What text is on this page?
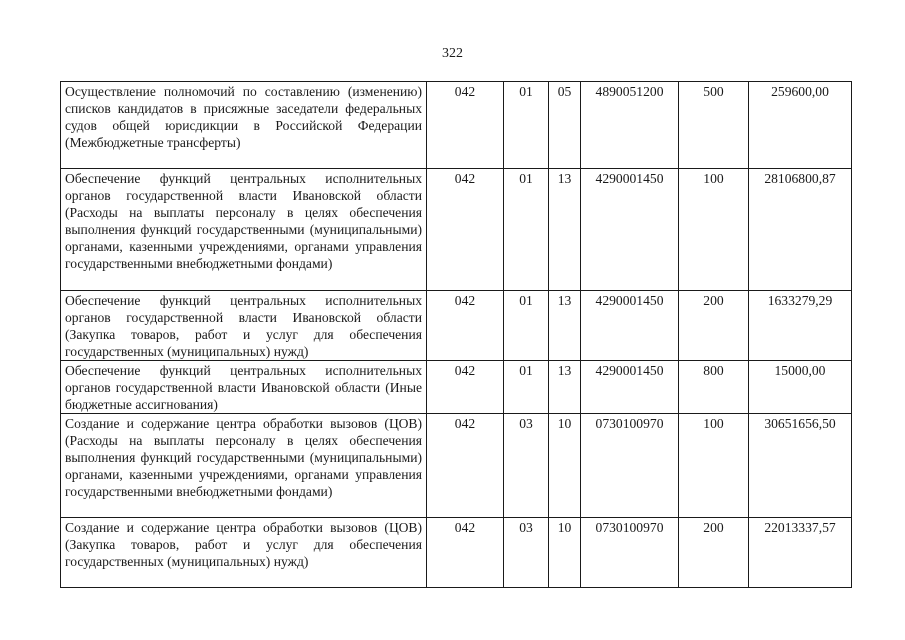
322
Осуществление полномочий по составлению (изменению) списков кандидатов в присяжные заседатели федеральных судов общей юрисдикции в Российской Федерации (Межбюджетные трансферты)	042	01	05	4890051200	500	259600,00
Обеспечение функций центральных исполнительных органов государственной власти Ивановской области (Расходы на выплаты персоналу в целях обеспечения выполнения функций государственными (муниципальными) органами, казенными учреждениями, органами управления государственными внебюджетными фондами)	042	01	13	4290001450	100	28106800,87
Обеспечение функций центральных исполнительных органов государственной власти Ивановской области (Закупка товаров, работ и услуг для обеспечения государственных (муниципальных) нужд)	042	01	13	4290001450	200	1633279,29
Обеспечение функций центральных исполнительных органов государственной власти Ивановской области (Иные бюджетные ассигнования)	042	01	13	4290001450	800	15000,00
Создание и содержание центра обработки вызовов (ЦОВ) (Расходы на выплаты персоналу в целях обеспечения выполнения функций государственными (муниципальными) органами, казенными учреждениями, органами управления государственными внебюджетными фондами)	042	03	10	0730100970	100	30651656,50
Создание и содержание центра обработки вызовов (ЦОВ) (Закупка товаров, работ и услуг для обеспечения государственных (муниципальных) нужд)	042	03	10	0730100970	200	22013337,57
